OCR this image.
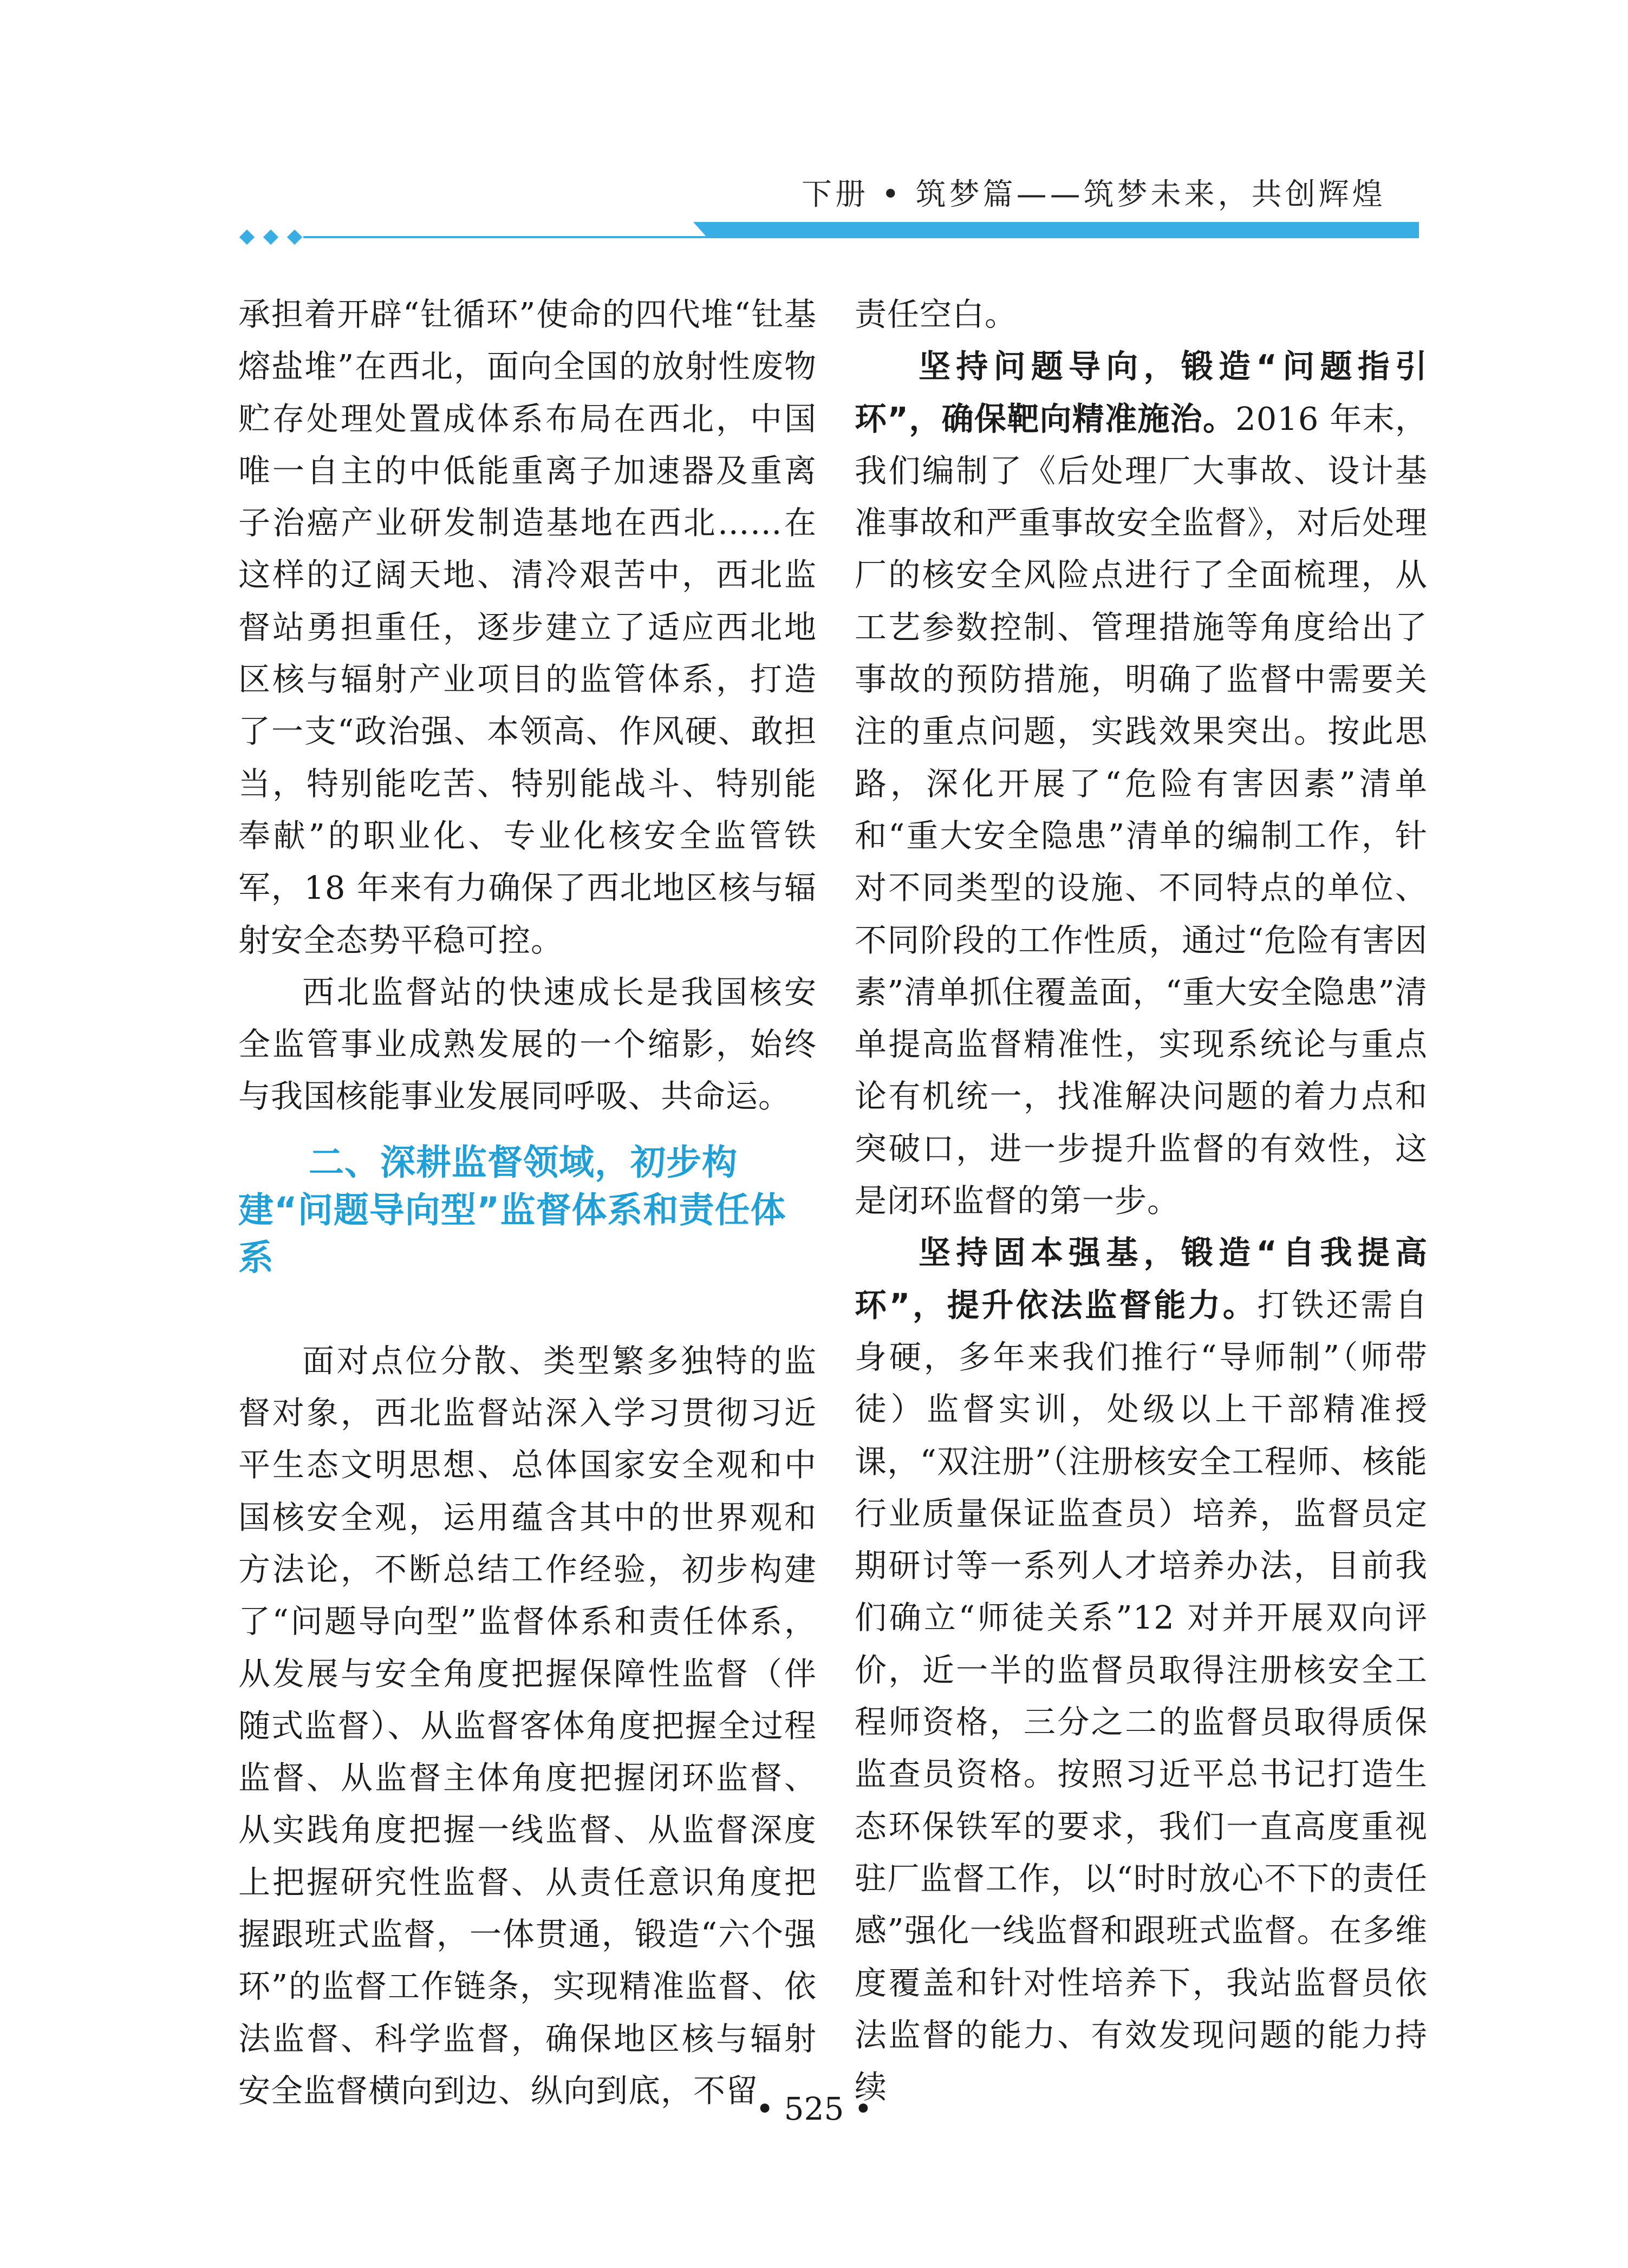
下册 • 筑梦篇——筑梦未来，共创辉煌

承担着开辟“钍循环”使命的四代堆“钍基熔盐堆”在西北，面向全国的放射性废物贮存处理处置成体系布局在西北，中国唯一自主的中低能重离子加速器及重离子治癌产业研发制造基地在西北……在这样的辽阔天地、清冷艰苦中，西北监督站勇担重任，逐步建立了适应西北地区核与辐射产业项目的监管体系，打造了一支“政治强、本领高、作风硬、敢担当，特别能吃苦、特别能战斗、特别能奉献”的职业化、专业化核安全监管铁军，18 年来有力确保了西北地区核与辐射安全态势平稳可控。

西北监督站的快速成长是我国核安全监管事业成熟发展的一个缩影，始终与我国核能事业发展同呼吸、共命运。

二、深耕监督领域，初步构建“问题导向型”监督体系和责任体系

面对点位分散、类型繁多独特的监督对象，西北监督站深入学习贯彻习近平生态文明思想、总体国家安全观和中国核安全观，运用蕴含其中的世界观和方法论，不断总结工作经验，初步构建了“问题导向型”监督体系和责任体系，从发展与安全角度把握保障性监督（伴随式监督）、从监督客体角度把握全过程监督、从监督主体角度把握闭环监督、从实践角度把握一线监督、从监督深度上把握研究性监督、从责任意识角度把握跟班式监督，一体贯通，锻造“六个强环”的监督工作链条，实现精准监督、依法监督、科学监督，确保地区核与辐射安全监督横向到边、纵向到底，不留

责任空白。

坚持问题导向，锻造“问题指引环”，确保靶向精准施治。2016 年末，我们编制了《后处理厂大事故、设计基准事故和严重事故安全监督》，对后处理厂的核安全风险点进行了全面梳理，从工艺参数控制、管理措施等角度给出了事故的预防措施，明确了监督中需要关注的重点问题，实践效果突出。按此思路，深化开展了“危险有害因素”清单和“重大安全隐患”清单的编制工作，针对不同类型的设施、不同特点的单位、不同阶段的工作性质，通过“危险有害因素”清单抓住覆盖面，“重大安全隐患”清单提高监督精准性，实现系统论与重点论有机统一，找准解决问题的着力点和突破口，进一步提升监督的有效性，这是闭环监督的第一步。

坚持固本强基，锻造“自我提高环”，提升依法监督能力。打铁还需自身硬，多年来我们推行“导师制”（师带徒）监督实训，处级以上干部精准授课，“双注册”（注册核安全工程师、核能行业质量保证监查员）培养，监督员定期研讨等一系列人才培养办法，目前我们确立“师徒关系”12 对并开展双向评价，近一半的监督员取得注册核安全工程师资格，三分之二的监督员取得质保监查员资格。按照习近平总书记打造生态环保铁军的要求，我们一直高度重视驻厂监督工作，以“时时放心不下的责任感”强化一线监督和跟班式监督。在多维度覆盖和针对性培养下，我站监督员依法监督的能力、有效发现问题的能力持续

• 525 •
